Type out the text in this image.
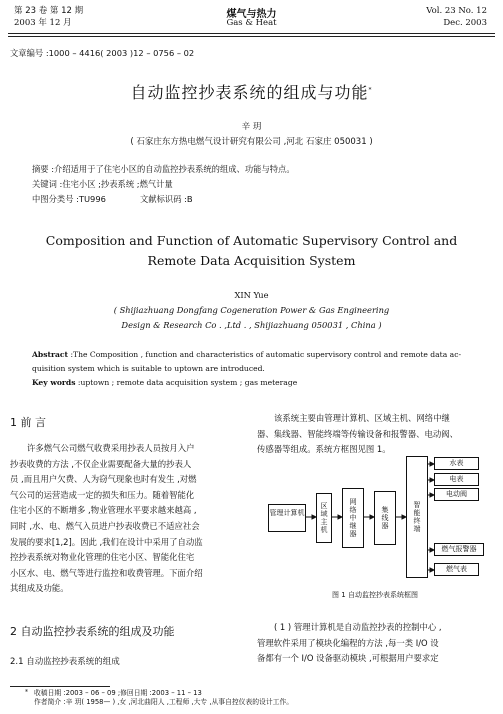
第 23 卷 第 12 期
2003 年 12 月
煤气与热力
Gas & Heat
Vol. 23 No. 12
Dec. 2003
文章编号 :1000 – 4416( 2003 )12 – 0756 – 02
自动监控抄表系统的组成与功能*
辛 玥
( 石家庄东方热电燃气设计研究有限公司 ,河北 石家庄 050031 )
摘要 :介绍适用于了住宅小区的自动监控抄表系统的组成、功能与特点。
关键词 :住宅小区 ;抄表系统 ;燃气计量
中图分类号 :TU996	文献标识码 :B
Composition and Function of Automatic Supervisory Control and
Remote Data Acquisition System
XIN Yue
( Shijiazhuang Dongfang Cogeneration Power & Gas Engineering
Design & Research Co . ,Ltd . , Shijiazhuang 050031 , China )
Abstract :The Composition , function and characteristics of automatic supervisory control and remote data ac-
quisition system which is suitable to uptown are introduced.
Key words :uptown ; remote data acquisition system ; gas meterage
1 前 言
许多燃气公司燃气收费采用抄表人员按月入户
抄表收费的方法 ,不仅企业需要配备大量的抄表人
员 ,而且用户欠费、人为窃气现象也时有发生 ,对燃
气公司的运营造成一定的损失和压力。随着智能化
住宅小区的不断增多 ,物业管理水平要求越来越高 ,
同时 ,水、电、燃气入员进户抄表收费已不适应社会
发展的要求[1,2]。因此 ,我们在设计中采用了自动监
控抄表系统对物业化管理的住宅小区、智能化住宅
小区水、电、燃气等进行监控和收费管理。下面介绍
其组成及功能。
2 自动监控抄表系统的组成及功能
2.1 自动监控抄表系统的组成
该系统主要由管理计算机、区域主机、网络中继
器、集线器、智能终端等传输设备和报警器、电动阀、
传感器等组成。系统方框图见图 1。
管理计算机	区域主机	网络中继器	集线器	智能终端
水表
电表
电动阀
燃气报警器
燃气表
图 1 自动监控抄表系统框图
( 1 ) 管理计算机是自动监控抄表的控制中心 ,
管理软件采用了模块化编程的方法 ,每一类 I/O 设
备都有一个 I/O 设备驱动模块 ,可根据用户要求定
* 收稿日期 :2003 – 06 – 09 ;修回日期 :2003 – 11 – 13
作者简介 :辛 玥( 1958— ) ,女 ,河北曲阳人 ,工程师 ,大专 ,从事自控仪表的设计工作。
